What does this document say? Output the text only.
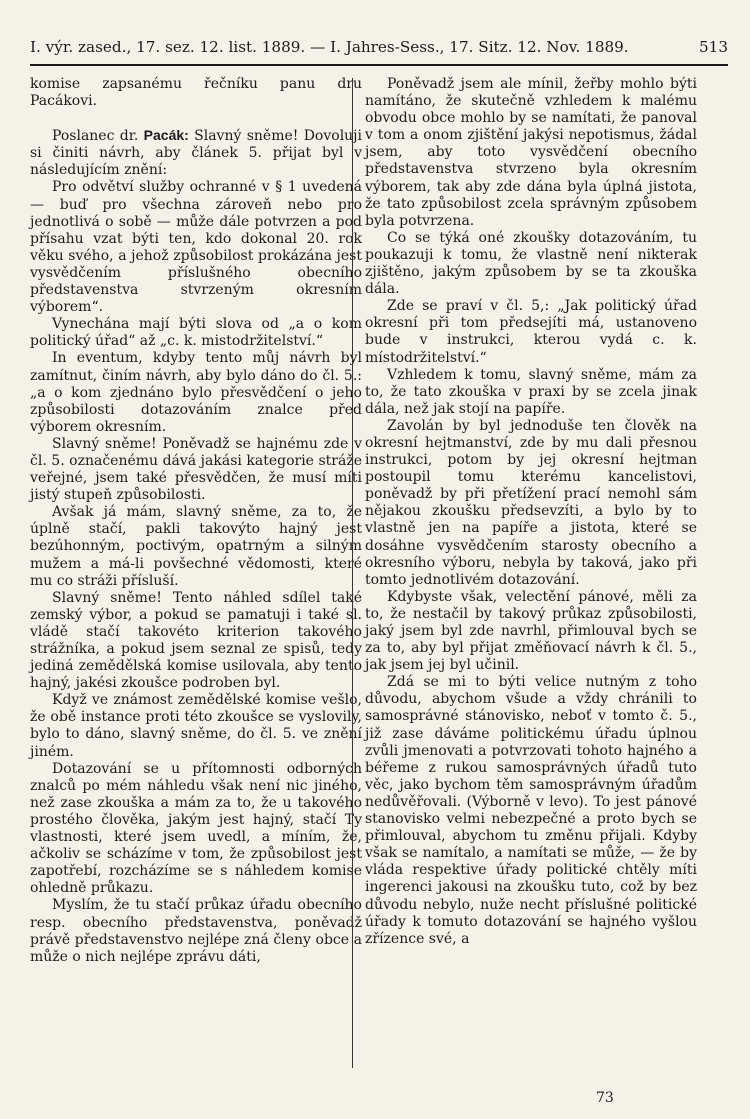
I. výr. zased., 17. sez. 12. list. 1889. — I. Jahres-Sess., 17. Sitz. 12. Nov. 1889.	513

komise zapsanému řečníku panu dru Pacákovi.

Poslanec dr. Pacák: Slavný sněme! Dovoluji si činiti návrh, aby článek 5. přijat byl v následujícím znění:

Pro odvětví služby ochranné v § 1 uvedená — buď pro všechna zároveň nebo pro jednotlivá o sobě — může dále potvrzen a pod přísahu vzat býti ten, kdo dokonal 20. rok věku svého, a jehož způsobilost prokázána jest vysvědčením příslušného obecního představenstva stvrzeným okresním výborem“.

Vynechána mají býti slova od „a o kom politický úřad“ až „c. k. mistodržitelství.“

In eventum, kdyby tento můj návrh byl zamítnut, činím návrh, aby bylo dáno do čl. 5.: „a o kom zjednáno bylo přesvědčení o jeho způsobilosti dotazováním znalce před výborem okresním.

Slavný sněme! Poněvadž se hajnému zde v čl. 5. označenému dává jakási kategorie stráže veřejné, jsem také přesvědčen, že musí míti jistý stupeň způsobilosti.

Avšak já mám, slavný sněme, za to, že úplně stačí, pakli takovýto hajný jest bezúhonným, poctivým, opatrným a silným mužem a má-li povšechné vědomosti, které mu co stráži přísluší.

Slavný sněme! Tento náhled sdílel také zemský výbor, a pokud se pamatuji i také sl. vládě stačí takovéto kriterion takového strážníka, a pokud jsem seznal ze spisů, tedy jediná zemědělská komise usilovala, aby tento hajný, jakési zkoušce podroben byl.

Když ve známost zemědělské komise vešlo, že obě instance proti této zkoušce se vyslovily, bylo to dáno, slavný sněme, do čl. 5. ve znění jiném.

Dotazování se u přítomnosti odborných znalců po mém náhledu však není nic jiného, než zase zkouška a mám za to, že u takového prostého člověka, jakým jest hajný, stačí Ty vlastnosti, které jsem uvedl, a míním, že, ačkoliv se scházíme v tom, že způsobilost jest zapotřebí, rozcházíme se s náhledem komise ohledně průkazu.

Myslím, že tu stačí průkaz úřadu obecního resp. obecního představenstva, poněvadž právě představenstvo nejlépe zná členy obce a může o nich nejlépe zprávu dáti,

Poněvadž jsem ale mínil, žeřby mohlo býti namítáno, že skutečně vzhledem k malému obvodu obce mohlo by se namítati, že panoval v tom a onom zjištění jakýsi nepotismus, žádal jsem, aby toto vysvědčení obecního představenstva stvrzeno byla okresním výborem, tak aby zde dána byla úplná jistota, že tato způsobilost zcela správným způsobem byla potvrzena.

Co se týká oné zkoušky dotazováním, tu poukazuji k tomu, že vlastně není nikterak zjištěno, jakým způsobem by se ta zkouška dála.

Zde se praví v čl. 5,: „Jak politický úřad okresní při tom předsejíti má, ustanoveno bude v instrukci, kterou vydá c. k. místodržitelství.“

Vzhledem k tomu, slavný sněme, mám za to, že tato zkouška v praxi by se zcela jinak dála, než jak stojí na papíře.

Zavolán by byl jednoduše ten člověk na okresní hejtmanství, zde by mu dali přesnou instrukci, potom by jej okresní hejtman postoupil tomu kterému kancelistovi, poněvadž by při přetížení prací nemohl sám nějakou zkoušku předsevzíti, a bylo by to vlastně jen na papíře a jistota, které se dosáhne vysvědčením starosty obecního a okresního výboru, nebyla by taková, jako při tomto jednotlivém dotazování.

Kdybyste však, velectění pánové, měli za to, že nestačil by takový průkaz způsobilosti, jaký jsem byl zde navrhl, přimlouval bych se za to, aby byl přijat změňovací návrh k čl. 5., jak jsem jej byl učinil.

Zdá se mi to býti velice nutným z toho důvodu, abychom všude a vždy chránili to samosprávné stánovisko, neboť v tomto č. 5., již zase dáváme politickému úřadu úplnou zvůli jmenovati a potvrzovati tohoto hajného a béřeme z rukou samosprávných úřadů tuto věc, jako bychom těm samosprávným úřadům nedůvěřovali. (Výborně v levo). To jest pánové stanovisko velmi nebezpečné a proto bych se přimlouval, abychom tu změnu přijali. Kdyby však se namítalo, a namítati se může, — že by vláda respektive úřady politické chtěly míti ingerenci jakousi na zkoušku tuto, což by bez důvodu nebylo, nuže necht příslušné politické úřady k tomuto dotazování se hajného vyšlou zřízence své, a

73
